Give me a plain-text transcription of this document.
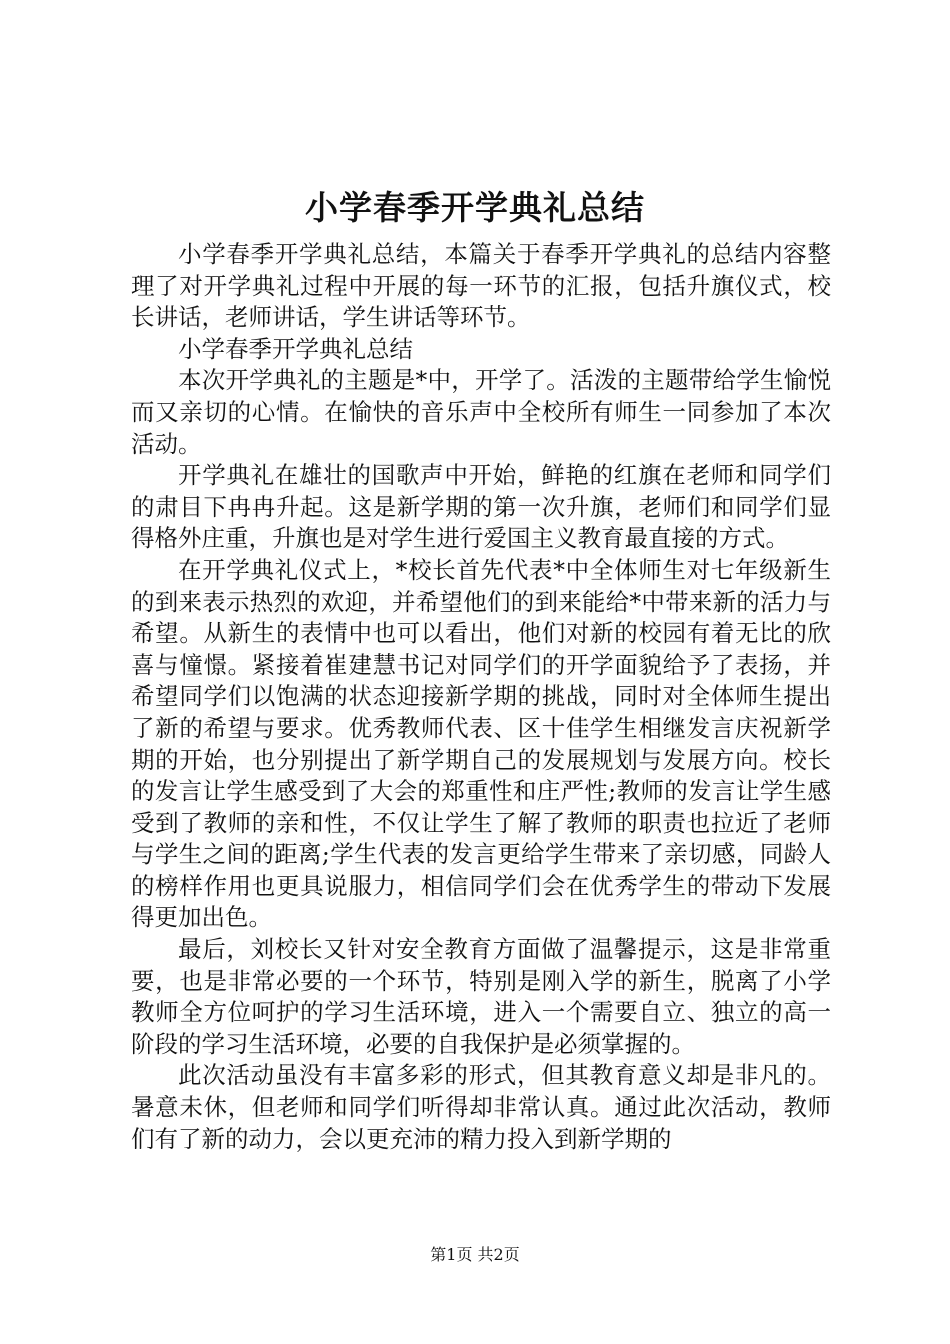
小学春季开学典礼总结

小学春季开学典礼总结，本篇关于春季开学典礼的总结内容整理了对开学典礼过程中开展的每一环节的汇报，包括升旗仪式，校长讲话，老师讲话，学生讲话等环节。

小学春季开学典礼总结

本次开学典礼的主题是*中，开学了。活泼的主题带给学生愉悦而又亲切的心情。在愉快的音乐声中全校所有师生一同参加了本次活动。

开学典礼在雄壮的国歌声中开始，鲜艳的红旗在老师和同学们的肃目下冉冉升起。这是新学期的第一次升旗，老师们和同学们显得格外庄重，升旗也是对学生进行爱国主义教育最直接的方式。

在开学典礼仪式上，*校长首先代表*中全体师生对七年级新生的到来表示热烈的欢迎，并希望他们的到来能给*中带来新的活力与希望。从新生的表情中也可以看出，他们对新的校园有着无比的欣喜与憧憬。紧接着崔建慧书记对同学们的开学面貌给予了表扬，并希望同学们以饱满的状态迎接新学期的挑战，同时对全体师生提出了新的希望与要求。优秀教师代表、区十佳学生相继发言庆祝新学期的开始，也分别提出了新学期自己的发展规划与发展方向。校长的发言让学生感受到了大会的郑重性和庄严性;教师的发言让学生感受到了教师的亲和性，不仅让学生了解了教师的职责也拉近了老师与学生之间的距离;学生代表的发言更给学生带来了亲切感，同龄人的榜样作用也更具说服力，相信同学们会在优秀学生的带动下发展得更加出色。

最后，刘校长又针对安全教育方面做了温馨提示，这是非常重要，也是非常必要的一个环节，特别是刚入学的新生，脱离了小学教师全方位呵护的学习生活环境，进入一个需要自立、独立的高一阶段的学习生活环境，必要的自我保护是必须掌握的。

此次活动虽没有丰富多彩的形式，但其教育意义却是非凡的。暑意未休，但老师和同学们听得却非常认真。通过此次活动，教师们有了新的动力，会以更充沛的精力投入到新学期的

第1页 共2页
